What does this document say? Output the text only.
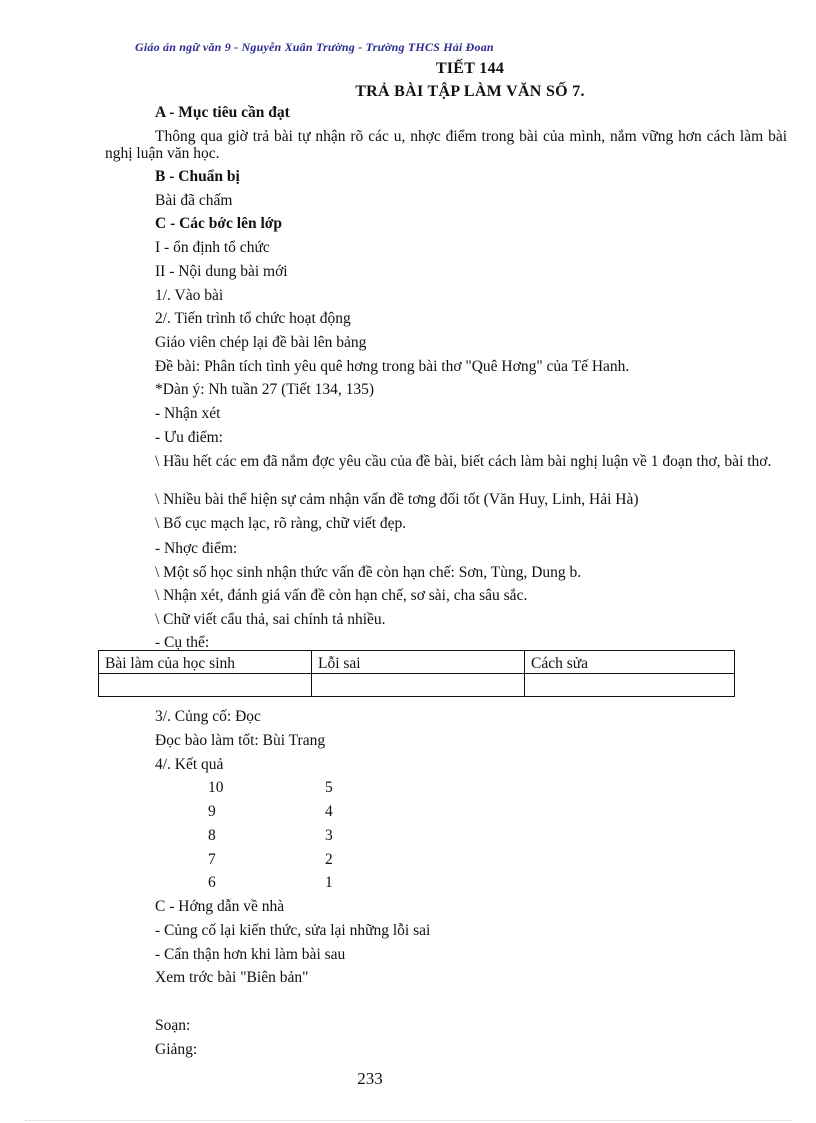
Giáo án ngữ văn 9 - Nguyễn Xuân Trường - Trường THCS Hải Đoan
TIẾT 144
TRẢ BÀI TẬP LÀM VĂN SỐ 7.
A - Mục tiêu cần đạt
Thông qua giờ trả bài tự nhận rõ các u, nhợc điểm trong bài của mình, nắm vững hơn cách làm bài nghị luận văn học.
B - Chuẩn bị
Bài đã chấm
C - Các bớc lên lớp
I - ổn định tổ chức
II - Nội dung bài mới
1/. Vào bài
2/. Tiến trình tổ chức hoạt động
Giáo viên chép lại đề bài lên bảng
Đề bài: Phân tích tình yêu quê hơng trong bài thơ "Quê Hơng" của Tế Hanh.
*Dàn ý: Nh tuần 27 (Tiết 134, 135)
- Nhận xét
- Ưu điểm:
\ Hầu hết các em đã nắm đợc yêu cầu của đề bài, biết cách làm bài nghị luận về 1 đoạn thơ, bài thơ.
\ Nhiều bài thể hiện sự cảm nhận vấn đề tơng đối tốt (Văn Huy, Linh, Hải Hà)
\ Bố cục mạch lạc, rõ ràng, chữ viết đẹp.
- Nhợc điểm:
\ Một số học sinh nhận thức vấn đề còn hạn chế: Sơn, Tùng, Dung b.
\ Nhận xét, đánh giá vấn đề còn hạn chế, sơ sài, cha sâu sắc.
\ Chữ viết cẩu thả, sai chính tả nhiều.
- Cụ thể:
Bài làm của học sinh	Lỗi sai	Cách sửa

3/. Củng cố: Đọc
Đọc bào làm tốt: Bùi Trang
4/. Kết quả
10	5
9	4
8	3
7	2
6	1
C - Hớng dẫn về nhà
- Củng cố lại kiến thức, sửa lại những lỗi sai
- Cẩn thận hơn khi làm bài sau
Xem trớc bài "Biên bản"
Soạn:
Giảng:
233
